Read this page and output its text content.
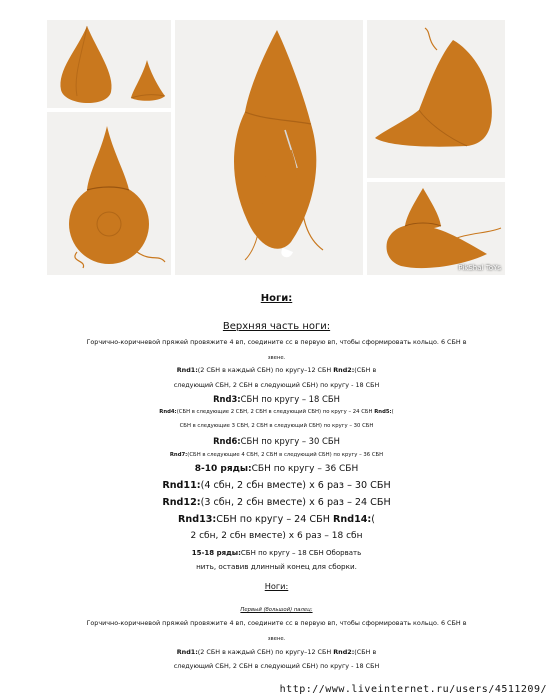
PikShal ToYs
Ноги:
Верхняя часть ноги:
Горчично-коричневой пряжей провяжите 4 вп, соедините сс в первую вп, чтобы сформировать кольцо. 6 СБН в
звене.
Rnd1:(2 СБН в каждый СБН) по кругу–12 СБН Rnd2:(СБН в
следующий СБН, 2 СБН в следующий СБН) по кругу - 18 СБН
Rnd3:СБН по кругу – 18 СБН
Rnd4:(СБН в следующие 2 СБН, 2 СБН в следующий СБН) по кругу – 24 СБН Rnd5:(
СБН в следующие 3 СБН, 2 СБН в следующий СБН) по кругу – 30 СБН
Rnd6:СБН по кругу – 30 СБН
Rnd7:(СБН в следующие 4 СБН, 2 СБН в следующий СБН) по кругу – 36 СБН
8-10 ряды:СБН по кругу – 36 СБН
Rnd11:(4 сбн, 2 сбн вместе) х 6 раз – 30 СБН
Rnd12:(3 сбн, 2 сбн вместе) х 6 раз – 24 СБН
Rnd13:СБН по кругу – 24 СБН Rnd14:(
2 сбн, 2 сбн вместе) х 6 раз – 18 сбн
15-18 ряды:СБН по кругу – 18 СБН Оборвать
нить, оставив длинный конец для сборки.
Ноги:
Первый (большой) палец:
Горчично-коричневой пряжей провяжите 4 вп, соедините сс в первую вп, чтобы сформировать кольцо. 6 СБН в
звене.
Rnd1:(2 СБН в каждый СБН) по кругу–12 СБН Rnd2:(СБН в
следующий СБН, 2 СБН в следующий СБН) по кругу - 18 СБН
http://www.liveinternet.ru/users/4511209/
